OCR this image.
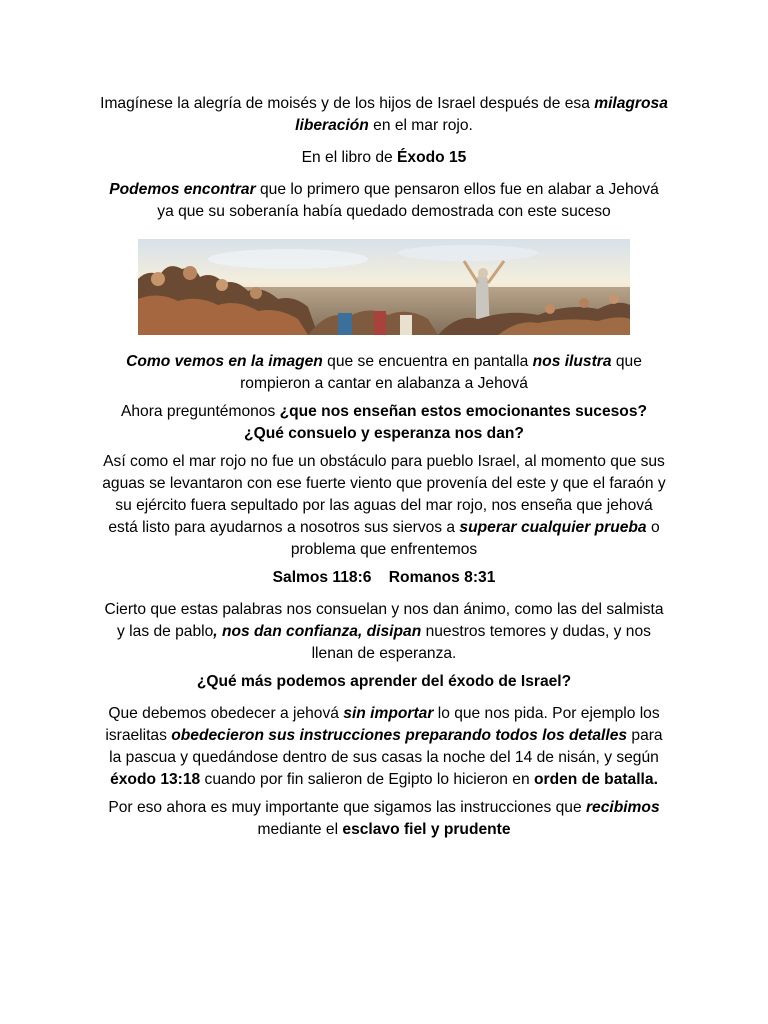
Imagínese la alegría de moisés y de los hijos de Israel después de esa milagrosa liberación en el mar rojo.

En el libro de Éxodo 15

Podemos encontrar que lo primero que pensaron ellos fue en alabar a Jehová ya que su soberanía había quedado demostrada con este suceso

Como vemos en la imagen que se encuentra en pantalla nos ilustra que rompieron a cantar en alabanza a Jehová

Ahora preguntémonos ¿que nos enseñan estos emocionantes sucesos? ¿Qué consuelo y esperanza nos dan?

Así como el mar rojo no fue un obstáculo para pueblo Israel, al momento que sus aguas se levantaron con ese fuerte viento que provenía del este y que el faraón y su ejército fuera sepultado por las aguas del mar rojo, nos enseña que jehová está listo para ayudarnos a nosotros sus siervos a superar cualquier prueba o problema que enfrentemos

Salmos 118:6    Romanos 8:31

Cierto que estas palabras nos consuelan y nos dan ánimo, como las del salmista y las de pablo, nos dan confianza, disipan nuestros temores y dudas, y nos llenan de esperanza.

¿Qué más podemos aprender del éxodo de Israel?

Que debemos obedecer a jehová sin importar lo que nos pida. Por ejemplo los israelitas obedecieron sus instrucciones preparando todos los detalles para la pascua y quedándose dentro de sus casas la noche del 14 de nisán, y según éxodo 13:18 cuando por fin salieron de Egipto lo hicieron en orden de batalla.

Por eso ahora es muy importante que sigamos las instrucciones que recibimos mediante el esclavo fiel y prudente
